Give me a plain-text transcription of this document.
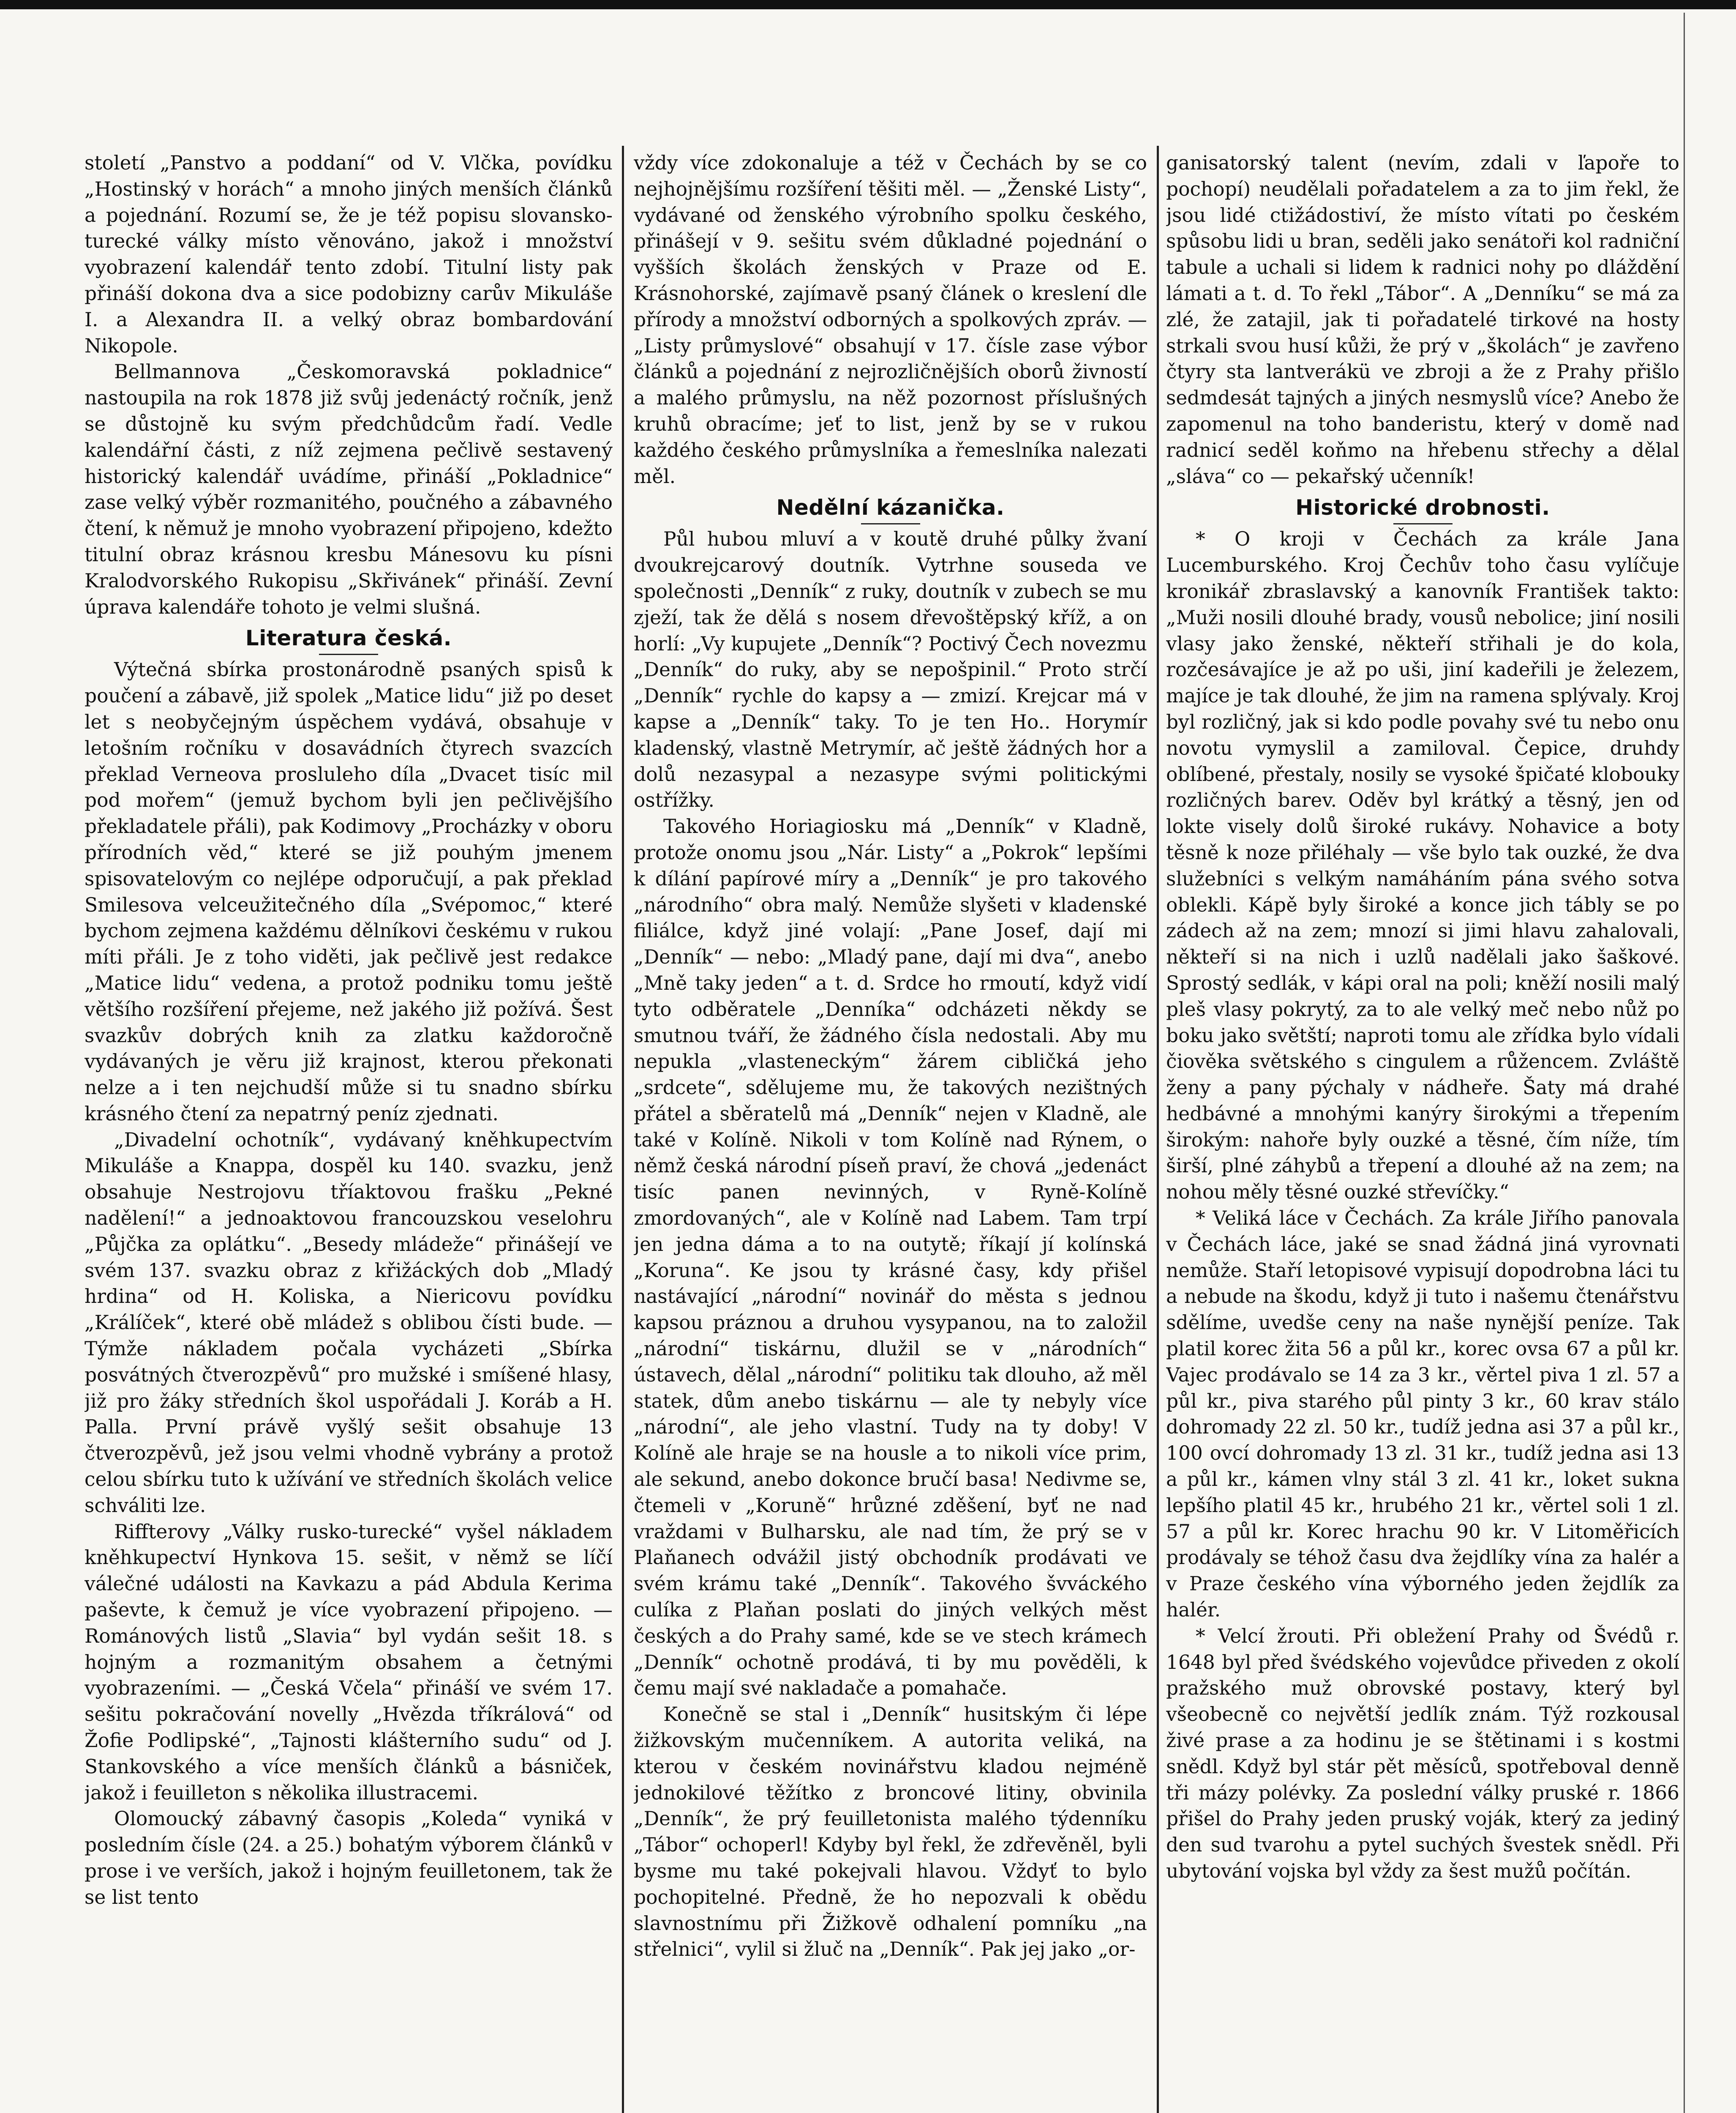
století „Panstvo a poddaní“ od V. Vlčka, povídku „Hostinský v horách“ a mnoho jiných menších článků a pojednání. Rozumí se, že je též popisu slovansko-turecké války místo věnováno, jakož i množství vyobrazení kalendář tento zdobí. Titulní listy pak přináší dokona dva a sice podobizny carův Mikuláše I. a Alexandra II. a velký obraz bombardování Nikopole.

Bellmannova „Českomoravská pokladnice“ nastoupila na rok 1878 již svůj jedenáctý ročník, jenž se důstojně ku svým předchůdcům řadí. Vedle kalendářní části, z níž zejmena pečlivě sestavený historický kalendář uvádíme, přináší „Pokladnice“ zase velký výběr rozmanitého, poučného a zábavného čtení, k němuž je mnoho vyobrazení připojeno, kdežto titulní obraz krásnou kresbu Mánesovu ku písni Kralodvorského Rukopisu „Skřivánek“ přináší. Zevní úprava kalendáře tohoto je velmi slušná.

Literatura česká.

Výtečná sbírka prostonárodně psaných spisů k poučení a zábavě, již spolek „Matice lidu“ již po deset let s neobyčejným úspěchem vydává, obsahuje v letošním ročníku v dosavádních čtyrech svazcích překlad Verneova prosluleho díla „Dvacet tisíc mil pod mořem“ (jemuž bychom byli jen pečlivějšího překladatele přáli), pak Kodimovy „Procházky v oboru přírodních věd,“ které se již pouhým jmenem spisovatelovým co nejlépe odporučují, a pak překlad Smilesova velceužitečného díla „Svépomoc,“ které bychom zejmena každému dělníkovi českému v rukou míti přáli. Je z toho viděti, jak pečlivě jest redakce „Matice lidu“ vedena, a protož podniku tomu ještě většího rozšíření přejeme, než jakého již požívá. Šest svazkův dobrých knih za zlatku každoročně vydávaných je věru již krajnost, kterou překonati nelze a i ten nejchudší může si tu snadno sbírku krásného čtení za nepatrný peníz zjednati.

„Divadelní ochotník“, vydávaný kněhkupectvím Mikuláše a Knappa, dospěl ku 140. svazku, jenž obsahuje Nestrojovu tříaktovou frašku „Pekné nadělení!“ a jednoaktovou francouzskou veselohru „Půjčka za oplátku“. „Besedy mládeže“ přinášejí ve svém 137. svazku obraz z křižáckých dob „Mladý hrdina“ od H. Koliska, a Niericovu povídku „Králíček“, které obě mládež s oblibou čísti bude. — Týmže nákladem počala vycházeti „Sbírka posvátných čtverozpěvů“ pro mužské i smíšené hlasy, již pro žáky středních škol uspořádali J. Koráb a H. Palla. První právě vyšlý sešit obsahuje 13 čtverozpěvů, jež jsou velmi vhodně vybrány a protož celou sbírku tuto k užívání ve středních školách velice schváliti lze.

Riffterovy „Války rusko-turecké“ vyšel nákladem kněhkupectví Hynkova 15. sešit, v němž se líčí válečné události na Kavkazu a pád Abdula Kerima paševte, k čemuž je více vyobrazení připojeno. — Románových listů „Slavia“ byl vydán sešit 18. s hojným a rozmanitým obsahem a četnými vyobrazeními. — „Česká Včela“ přináší ve svém 17. sešitu pokračování novelly „Hvězda tříkrálová“ od Žofie Podlipské“, „Tajnosti klášterního sudu“ od J. Stankovského a více menších článků a básniček, jakož i feuilleton s několika illustracemi.

Olomoucký zábavný časopis „Koleda“ vyniká v posledním čísle (24. a 25.) bohatým výborem článků v prose i ve verších, jakož i hojným feuilletonem, tak že se list tento

vždy více zdokonaluje a též v Čechách by se co nejhojnějšímu rozšíření těšiti měl. — „Ženské Listy“, vydávané od ženského výrobního spolku českého, přinášejí v 9. sešitu svém důkladné pojednání o vyšších školách ženských v Praze od E. Krásnohorské, zajímavě psaný článek o kreslení dle přírody a množství odborných a spolkových zpráv. — „Listy průmyslové“ obsahují v 17. čísle zase výbor článků a pojednání z nejrozličnějších oborů živností a malého průmyslu, na něž pozornost příslušných kruhů obracíme; jeť to list, jenž by se v rukou každého českého průmyslníka a řemeslníka nalezati měl.

Nedělní kázanička.

Půl hubou mluví a v koutě druhé půlky žvaní dvoukrejcarový doutník. Vytrhne souseda ve společnosti „Denník“ z ruky, doutník v zubech se mu zježí, tak že dělá s nosem dřevoštěpský kříž, a on horlí: „Vy kupujete „Denník“? Poctivý Čech novezmu „Denník“ do ruky, aby se nepošpinil.“ Proto strčí „Denník“ rychle do kapsy a — zmizí. Krejcar má v kapse a „Denník“ taky. To je ten Ho.. Horymír kladenský, vlastně Metrymír, ač ještě žádných hor a dolů nezasypal a nezasype svými politickými ostřížky.

Takového Horiagiosku má „Denník“ v Kladně, protože onomu jsou „Nár. Listy“ a „Pokrok“ lepšími k dílání papírové míry a „Denník“ je pro takového „národního“ obra malý. Nemůže slyšeti v kladenské filiálce, když jiné volají: „Pane Josef, dají mi „Denník“ — nebo: „Mladý pane, dají mi dva“, anebo „Mně taky jeden“ a t. d. Srdce ho rmoutí, když vidí tyto odběratele „Denníka“ odcházeti někdy se smutnou tváří, že žádného čísla nedostali. Aby mu nepukla „vlasteneckým“ žárem cibličká jeho „srdcete“, sdělujeme mu, že takových nezištných přátel a sběratelů má „Denník“ nejen v Kladně, ale také v Kolíně. Nikoli v tom Kolíně nad Rýnem, o němž česká národní píseň praví, že chová „jedenáct tisíc panen nevinných, v Ryně-Kolíně zmordovaných“, ale v Kolíně nad Labem. Tam trpí jen jedna dáma a to na outytě; říkají jí kolínská „Koruna“. Ke jsou ty krásné časy, kdy přišel nastávající „národní“ novinář do města s jednou kapsou práznou a druhou vysypanou, na to založil „národní“ tiskárnu, dlužil se v „národních“ ústavech, dělal „národní“ politiku tak dlouho, až měl statek, dům anebo tiskárnu — ale ty nebyly více „národní“, ale jeho vlastní. Tudy na ty doby! V Kolíně ale hraje se na housle a to nikoli více prim, ale sekund, anebo dokonce bručí basa! Nedivme se, čtemeli v „Koruně“ hrůzné zděšení, byť ne nad vraždami v Bulharsku, ale nad tím, že prý se v Plaňanech odvážil jistý obchodník prodávati ve svém krámu také „Denník“. Takového švváckého culíka z Plaňan poslati do jiných velkých měst českých a do Prahy samé, kde se ve stech krámech „Denník“ ochotně prodává, ti by mu pověděli, k čemu mají své nakladače a pomahače.

Konečně se stal i „Denník“ husitským či lépe žižkovským mučenníkem. A autorita veliká, na kterou v českém novinářstvu kladou nejméně jednokilové těžítko z broncové litiny, obvinila „Denník“, že prý feuilletonista malého týdenníku „Tábor“ ochoperl! Kdyby byl řekl, že zdřevěněl, byli bysme mu také pokejvali hlavou. Vždyť to bylo pochopitelné. Předně, že ho nepozvali k obědu slavnostnímu při Žižkově odhalení pomníku „na střelnici“, vylil si žluč na „Denník“. Pak jej jako „or-

ganisatorský talent (nevím, zdali v ľapoře to pochopí) neudělali pořadatelem a za to jim řekl, že jsou lidé ctižádostiví, že místo vítati po českém spůsobu lidi u bran, seděli jako senátoři kol radniční tabule a uchali si lidem k radnici nohy po dláždění lámati a t. d. To řekl „Tábor“. A „Denníku“ se má za zlé, že zatajil, jak ti pořadatelé tirkové na hosty strkali svou husí kůži, že prý v „školách“ je zavřeno čtyry sta lantverákü ve zbroji a že z Prahy přišlo sedmdesát tajných a jiných nesmyslů více? Anebo že zapomenul na toho banderistu, který v domě nad radnicí seděl koňmo na hřebenu střechy a dělal „sláva“ co — pekařský učenník!

Historické drobnosti.

* O kroji v Čechách za krále Jana Lucemburského. Kroj Čechův toho času vylíčuje kronikář zbraslavský a kanovník František takto: „Muži nosili dlouhé brady, vousů nebolice; jiní nosili vlasy jako ženské, někteří střihali je do kola, rozčesávajíce je až po uši, jiní kadeřili je železem, majíce je tak dlouhé, že jim na ramena splývaly. Kroj byl rozličný, jak si kdo podle povahy své tu nebo onu novotu vymyslil a zamiloval. Čepice, druhdy oblíbené, přestaly, nosily se vysoké špičaté klobouky rozličných barev. Oděv byl krátký a těsný, jen od lokte visely dolů široké rukávy. Nohavice a boty těsně k noze přiléhaly — vše bylo tak ouzké, že dva služebníci s velkým namáháním pána svého sotva oblekli. Kápě byly široké a konce jich tábly se po zádech až na zem; mnozí si jimi hlavu zahalovali, někteří si na nich i uzlů nadělali jako šaškové. Sprostý sedlák, v kápi oral na poli; kněží nosili malý pleš vlasy pokrytý, za to ale velký meč nebo nůž po boku jako světští; naproti tomu ale zřídka bylo vídali čiověka světského s cingulem a růžencem. Zvláště ženy a pany pýchaly v nádheře. Šaty má drahé hedbávné a mnohými kanýry širokými a třepením širokým: nahoře byly ouzké a těsné, čím níže, tím širší, plné záhybů a třepení a dlouhé až na zem; na nohou měly těsné ouzké střevíčky.“

* Veliká láce v Čechách. Za krále Jiřího panovala v Čechách láce, jaké se snad žádná jiná vyrovnati nemůže. Staří letopisové vypisují dopodrobna láci tu a nebude na škodu, když ji tuto i našemu čtenářstvu sdělíme, uvedše ceny na naše nynější peníze. Tak platil korec žita 56 a půl kr., korec ovsa 67 a půl kr. Vajec prodávalo se 14 za 3 kr., věrtel piva 1 zl. 57 a půl kr., piva starého půl pinty 3 kr., 60 krav stálo dohromady 22 zl. 50 kr., tudíž jedna asi 37 a půl kr., 100 ovcí dohromady 13 zl. 31 kr., tudíž jedna asi 13 a půl kr., kámen vlny stál 3 zl. 41 kr., loket sukna lepšího platil 45 kr., hrubého 21 kr., věrtel soli 1 zl. 57 a půl kr. Korec hrachu 90 kr. V Litoměřicích prodávaly se téhož času dva žejdlíky vína za halér a v Praze českého vína výborného jeden žejdlík za halér.

* Velcí žrouti. Při obležení Prahy od Švédů r. 1648 byl před švédského vojevůdce přiveden z okolí pražského muž obrovské postavy, který byl všeobecně co největší jedlík znám. Týž rozkousal živé prase a za hodinu je se štětinami i s kostmi snědl. Když byl stár pět měsíců, spotřeboval denně tři mázy polévky. Za poslední války pruské r. 1866 přišel do Prahy jeden pruský voják, který za jediný den sud tvarohu a pytel suchých švestek snědl. Při ubytování vojska byl vždy za šest mužů počítán.
